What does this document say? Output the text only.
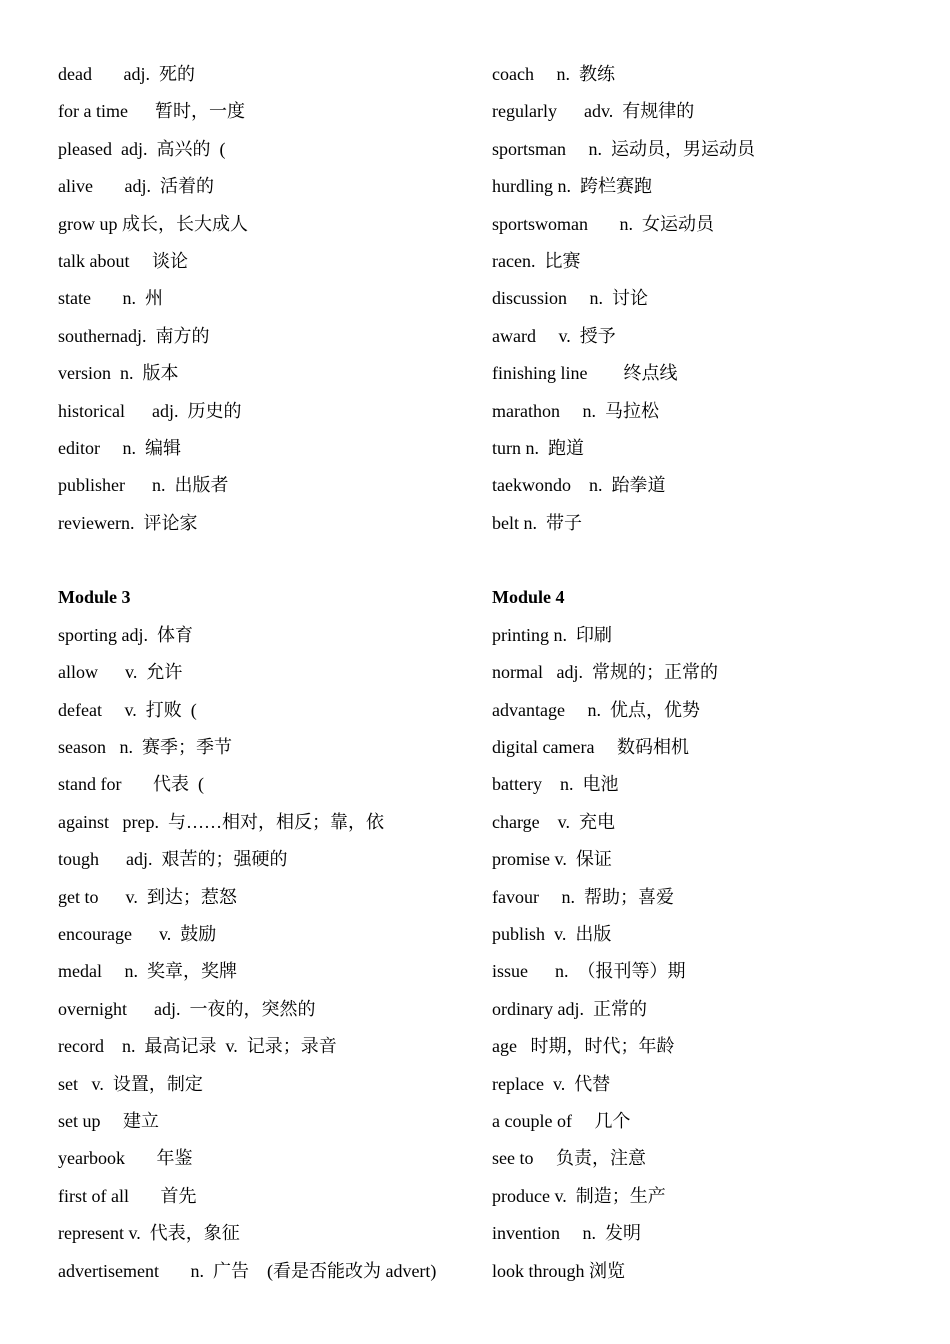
dead       adj.  死的
for a time      暂时，一度
pleased  adj.  高兴的  (
alive       adj.  活着的
grow up 成长，长大成人
talk about     谈论
state       n.  州
southernadj.  南方的
version  n.  版本
historical      adj.  历史的
editor     n.  编辑
publisher      n.  出版者
reviewern.  评论家
Module 3
sporting adj.  体育
allow      v.  允许
defeat     v.  打败  (
season   n.  赛季；季节
stand for       代表  (
against   prep.  与……相对，相反；靠，依
tough      adj.  艰苦的；强硬的
get to      v.  到达；惹怒
encourage      v.  鼓励
medal     n.  奖章，奖牌
overnight      adj.  一夜的，突然的
record    n.  最高记录  v.  记录；录音
set   v.  设置，制定
set up     建立
yearbook       年鉴
first of all       首先
represent v.  代表，象征
advertisement       n.  广告    (看是否能改为 advert)
coach     n.  教练
regularly      adv.  有规律的
sportsman     n.  运动员，男运动员
hurdling n.  跨栏赛跑
sportswoman       n.  女运动员
racen.  比赛
discussion     n.  讨论
award     v.  授予
finishing line        终点线
marathon     n.  马拉松
turn n.  跑道
taekwondo    n.  跆拳道
belt n.  带子
Module 4
printing n.  印刷
normal   adj.  常规的；正常的
advantage     n.  优点，优势
digital camera     数码相机
battery    n.  电池
charge    v.  充电
promise v.  保证
favour     n.  帮助；喜爱
publish  v.  出版
issue      n.  （报刊等）期
ordinary adj.  正常的
age   时期，时代；年龄
replace  v.  代替
a couple of     几个
see to     负责，注意
produce v.  制造；生产
invention     n.  发明
look through 浏览
